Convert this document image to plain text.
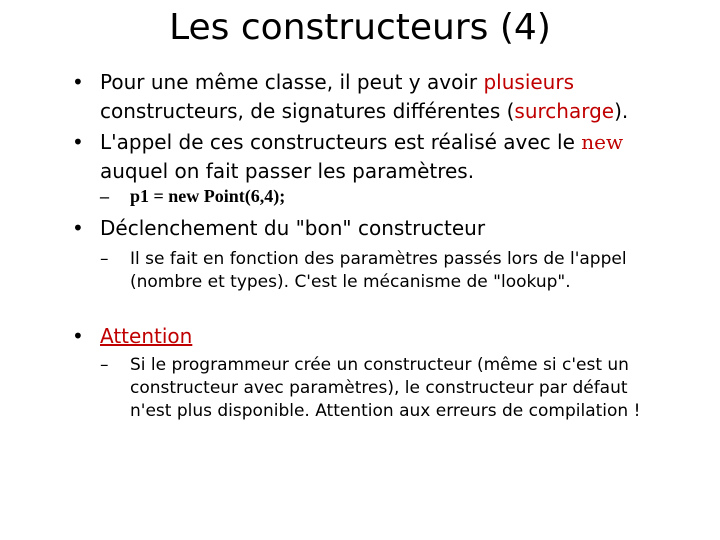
Les constructeurs (4)
• Pour une même classe, il peut y avoir plusieurs constructeurs, de signatures différentes (surcharge).
• L'appel de ces constructeurs est réalisé avec le new auquel on fait passer les paramètres.
– p1 = new Point(6,4);
• Déclenchement du "bon" constructeur
– Il se fait en fonction des paramètres passés lors de l'appel (nombre et types). C'est le mécanisme de "lookup".
• Attention
– Si le programmeur crée un constructeur (même si c'est un constructeur avec paramètres), le constructeur par défaut n'est plus disponible. Attention aux erreurs de compilation !
